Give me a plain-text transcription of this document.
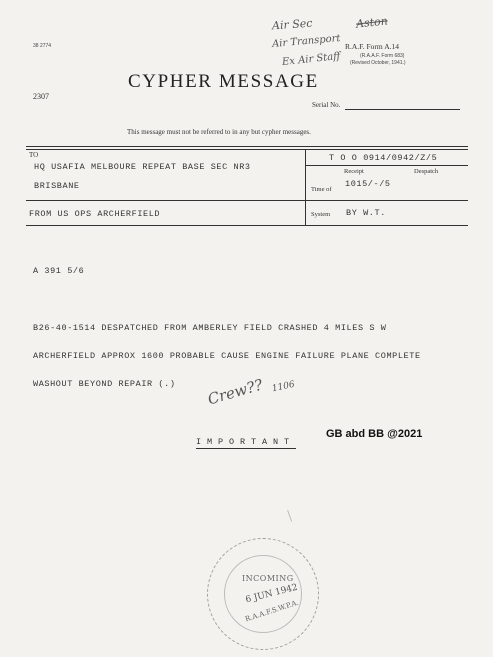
38 2774
Air Sec	Aston
Air Transport
Ex Air Staff
R.A.F. Form A.14
(R.A.A.F. Form 683)
(Revised October, 1941.)
CYPHER MESSAGE
2307
Serial No.
This message must not be referred to in any but cypher messages.
TO
HQ USAFIA MELBOURE REPEAT BASE SEC NR3
BRISBANE
T O O 0914/0942/Z/5
Receipt	Despatch
Time of
1015/-/5
FROM US OPS ARCHERFIELD	System BY W.T.
A 391 5/6
B26-40-1514 DESPATCHED FROM AMBERLEY FIELD CRASHED 4 MILES S W
ARCHERFIELD APPROX 1600 PROBABLE CAUSE ENGINE FAILURE PLANE COMPLETE
WASHOUT BEYOND REPAIR (.) Crew?? 1106
I M P O R T A N T
GB abd BB @2021
INCOMING
6 JUN 1942
R.A.A.F.S.W.P.A.
